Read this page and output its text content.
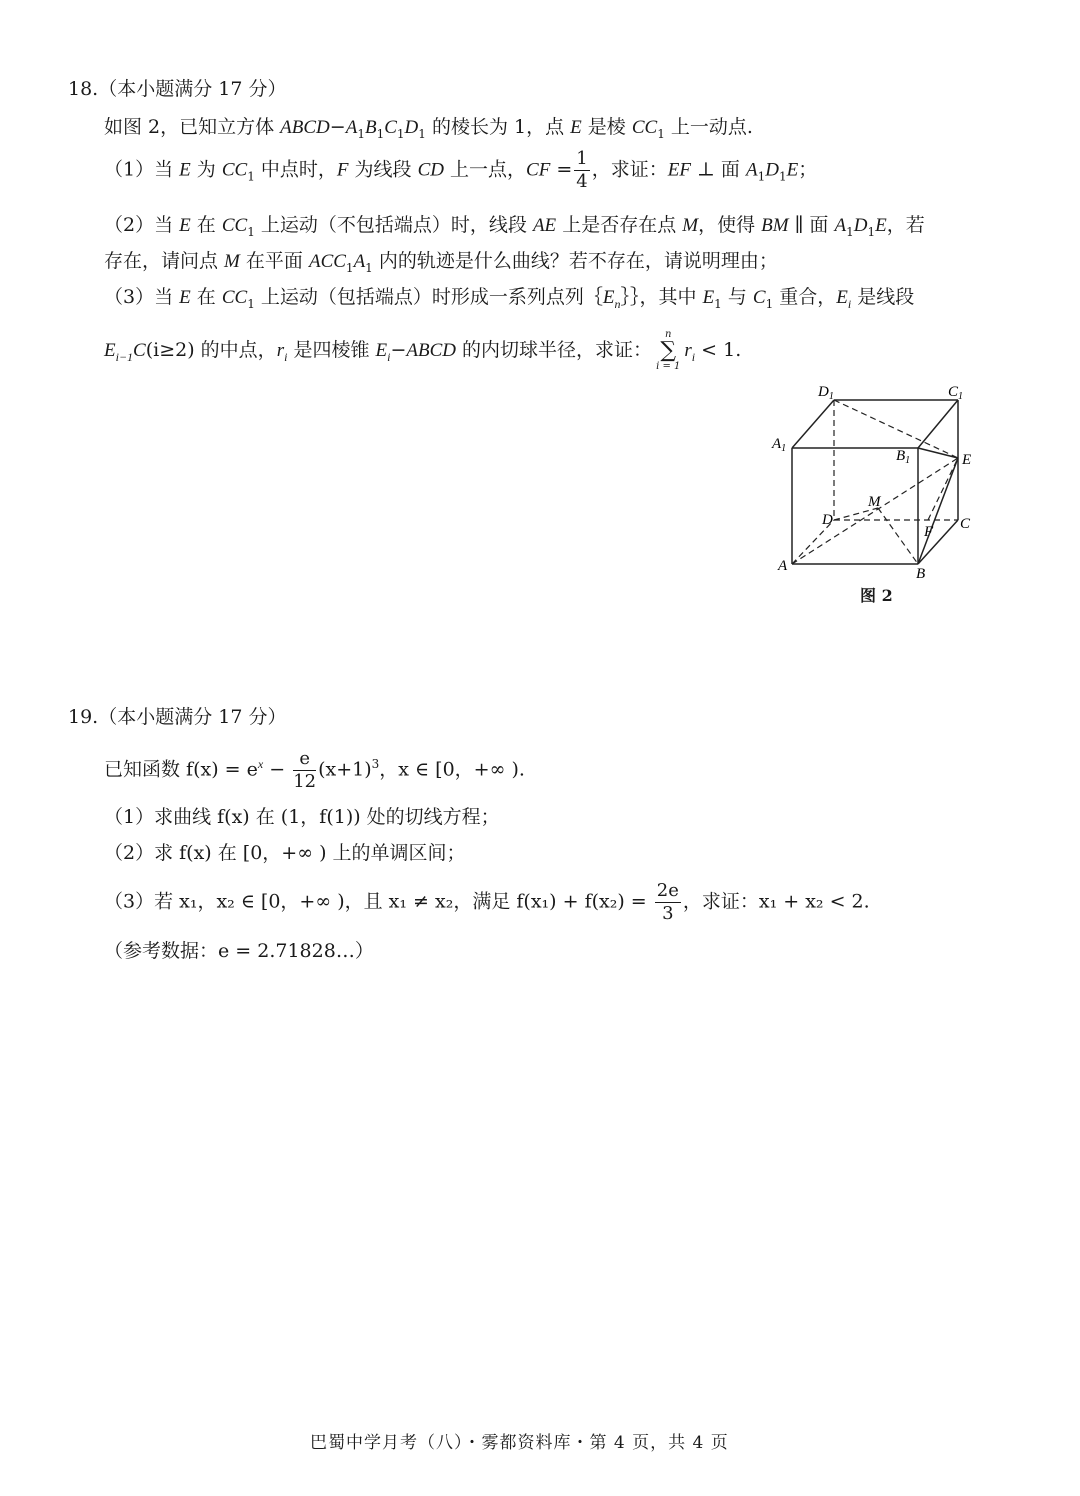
18.（本小题满分 17 分）
如图 2，已知立方体 $ABCD-A_1B_1C_1D_1$ 的棱长为 1，点 E 是棱 $CC_1$ 上一动点.
（1）当 E 为 $CC_1$ 中点时，F 为线段 CD 上一点，CF = $\frac{1}{4}$ ，求证：EF ⊥ 面 $A_1D_1E$；
（2）当 E 在 $CC_1$ 上运动（不包括端点）时，线段 AE 上是否存在点 M，使得 BM ∥ 面 $A_1D_1E$，若
存在，请问点 M 在平面 $ACC_1A_1$ 内的轨迹是什么曲线？若不存在，请说明理由；
（3）当 E 在 $CC_1$ 上运动（包括端点）时形成一系列点列$\{E_n\}\}$，其中 $E_1$ 与 $C_1$ 重合，$E_i$ 是线段
$E_{i-1}C(i\ge 2)$ 的中点，$r_i$ 是四棱锥 $E_i-ABCD$ 的内切球半径，求证：
n
∑
i = 1
$r_i < 1$.
$D_1$	$C_1$
$A_1$	$B_1$	E
M
D	C
F
A	B
图 2
19.（本小题满分 17 分）
已知函数 $f(x) = e^x - \frac{e}{12} (x+1)^3$，x ∈ [0，+∞ ).
（1）求曲线 f(x) 在 (1，f(1)) 处的切线方程；
（2）求 f(x) 在 [0，+∞ ) 上的单调区间；
（3）若 x₁，x₂ ∈ [0，+∞ )，且 x₁ ≠ x₂，满足 $f(x_1) + f(x_2) = \frac{2e}{3}$ ，求证：x₁ + x₂ < 2.
（参考数据：e = 2.71828…）
巴蜀中学月考（八）・雾都资料库・第 4 页，共 4 页
